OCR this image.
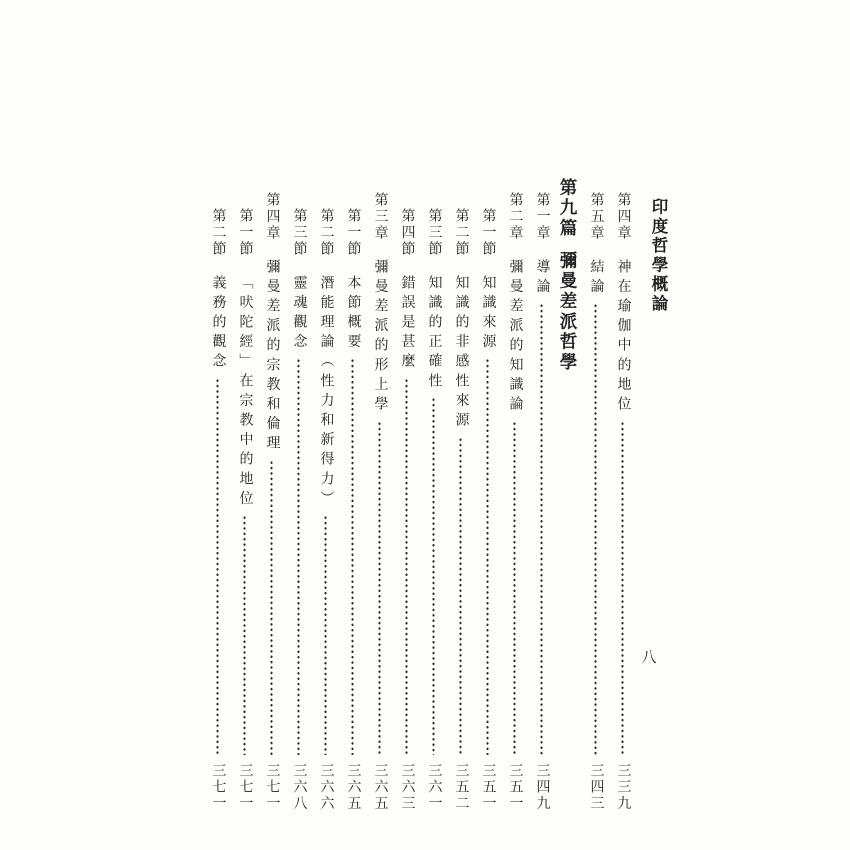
印度哲學概論
第四章
神在瑜伽中的地位
三三九
第五章
結論
三四三
第九篇
彌曼差派哲學
第一章
導論
三四九
第二章
彌曼差派的知識論
三五一
第一節
知識來源
三五一
第二節
知識的非感性來源
三五二
第三節
知識的正確性
三六一
第四節
錯誤是甚麼
三六三
第三章
彌曼差派的形上學
三六五
第一節
本節概要
三六五
第二節
潛能理論（性力和新得力）
三六六
第三節
靈魂觀念
三六八
第四章
彌曼差派的宗教和倫理
三七一
第一節
「吠陀經」在宗教中的地位
三七一
第二節
義務的觀念
三七一
八
